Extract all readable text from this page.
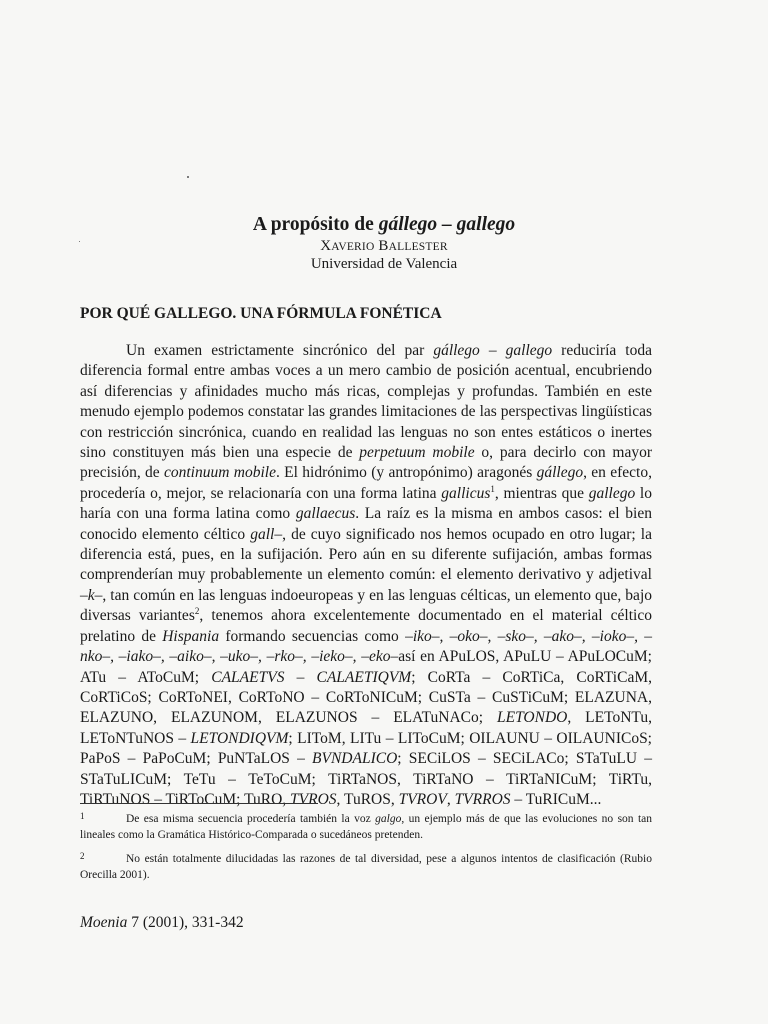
A propósito de gállego – gallego
XAVERIO BALLESTER
Universidad de Valencia
POR QUÉ GALLEGO. UNA FÓRMULA FONÉTICA

Un examen estrictamente sincrónico del par gállego – gallego reduciría toda diferencia formal entre ambas voces a un mero cambio de posición acentual, encubriendo así diferencias y afinidades mucho más ricas, complejas y profundas. También en este menudo ejemplo podemos constatar las grandes limitaciones de las perspectivas lingüísticas con restricción sincrónica, cuando en realidad las lenguas no son entes estáticos o inertes sino constituyen más bien una especie de perpetuum mobile o, para decirlo con mayor precisión, de continuum mobile. El hidrónimo (y antropónimo) aragonés gállego, en efecto, procedería o, mejor, se relacionaría con una forma latina gallicus$^1$, mientras que gallego lo haría con una forma latina como gallaecus. La raíz es la misma en ambos casos: el bien conocido elemento céltico gall–, de cuyo significado nos hemos ocupado en otro lugar; la diferencia está, pues, en la sufijación. Pero aún en su diferente sufijación, ambas formas comprenderían muy probablemente un elemento común: el elemento derivativo y adjetival –k–, tan común en las lenguas indoeuropeas y en las lenguas célticas, un elemento que, bajo diversas variantes$^2$, tenemos ahora excelentemente documentado en el material céltico prelatino de Hispania formando secuencias como –iko–, –oko–, –sko–, –ako–, –ioko–, –nko–, –iako–, –aiko–, –uko–, –rko–, –ieko–, –eko–así en APuLOS, APuLU – APuLOCuM; ATu – AToCuM; CALAETVS – CALAETIQVM; CoRTa – CoRTiCa, CoRTiCaM, CoRTiCoS; CoRToNEI, CoRToNO – CoRToNICuM; CuSTa – CuSTiCuM; ELAZUNA, ELAZUNO, ELAZUNOM, ELAZUNOS – ELATuNACo; LETONDO, LEToNTu, LEToNTuNOS – LETONDIQVM; LIToM, LITu – LIToCuM; OILAUNU – OILAUNICoS; PaPoS – PaPoCuM; PuNTaLOS – BVNDALICO; SECiLOS – SECiLACo; STaTuLU – STaTuLICuM; TeTu – TeToCuM; TiRTaNOS, TiRTaNO – TiRTaNICuM; TiRTu, TiRTuNOS – TiRToCuM; TuRO, TVROS, TuROS, TVROV, TVRROS – TuRICuM...

1	De esa misma secuencia procedería también la voz galgo, un ejemplo más de que las evoluciones no son tan lineales como la Gramática Histórico-Comparada o sucedáneos pretenden.

2	No están totalmente dilucidadas las razones de tal diversidad, pese a algunos intentos de clasificación (Rubio Orecilla 2001).

Moenia 7 (2001), 331-342
